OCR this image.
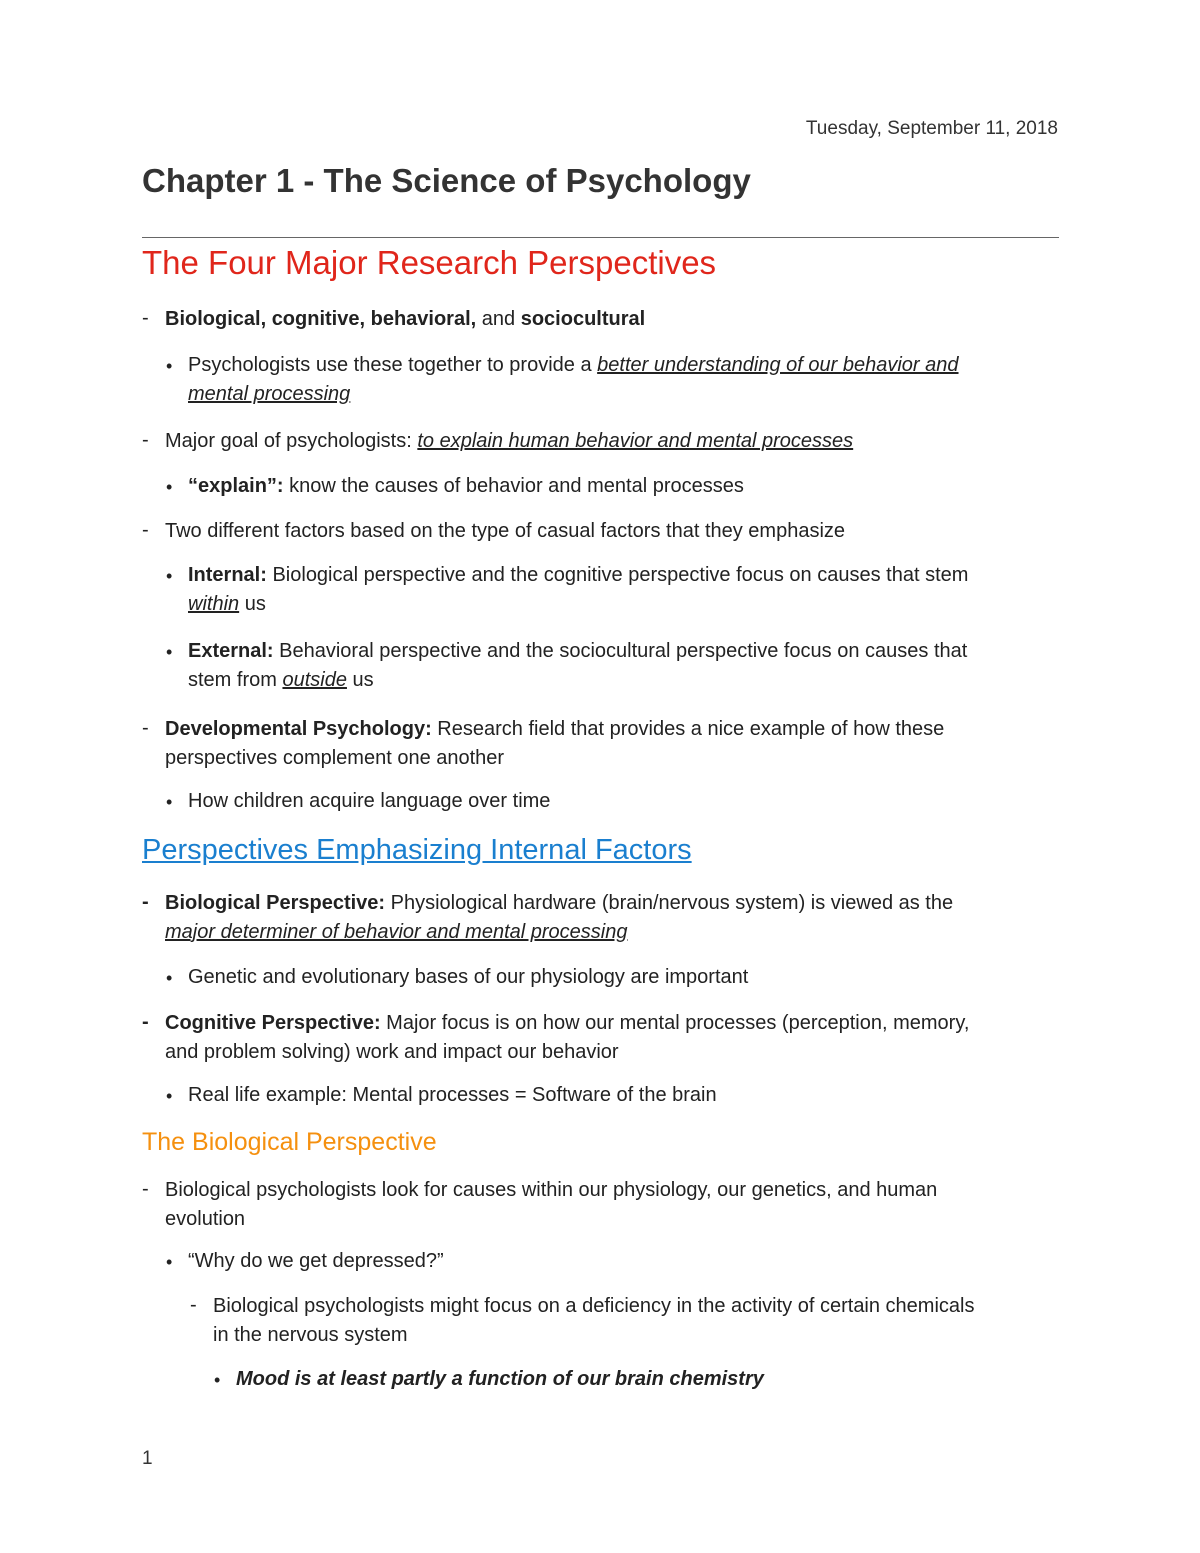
Tuesday, September 11, 2018
Chapter 1 - The Science of Psychology
The Four Major Research Perspectives
- Biological, cognitive, behavioral, and sociocultural
• Psychologists use these together to provide a better understanding of our behavior and
mental processing
- Major goal of psychologists: to explain human behavior and mental processes
• “explain”: know the causes of behavior and mental processes
- Two different factors based on the type of casual factors that they emphasize
• Internal: Biological perspective and the cognitive perspective focus on causes that stem
within us
• External: Behavioral perspective and the sociocultural perspective focus on causes that
stem from outside us
- Developmental Psychology: Research field that provides a nice example of how these
perspectives complement one another
• How children acquire language over time
Perspectives Emphasizing Internal Factors
- Biological Perspective: Physiological hardware (brain/nervous system) is viewed as the
major determiner of behavior and mental processing
• Genetic and evolutionary bases of our physiology are important
- Cognitive Perspective: Major focus is on how our mental processes (perception, memory,
and problem solving) work and impact our behavior
• Real life example: Mental processes = Software of the brain
The Biological Perspective
- Biological psychologists look for causes within our physiology, our genetics, and human
evolution
• “Why do we get depressed?”
- Biological psychologists might focus on a deficiency in the activity of certain chemicals
in the nervous system
• Mood is at least partly a function of our brain chemistry
1
